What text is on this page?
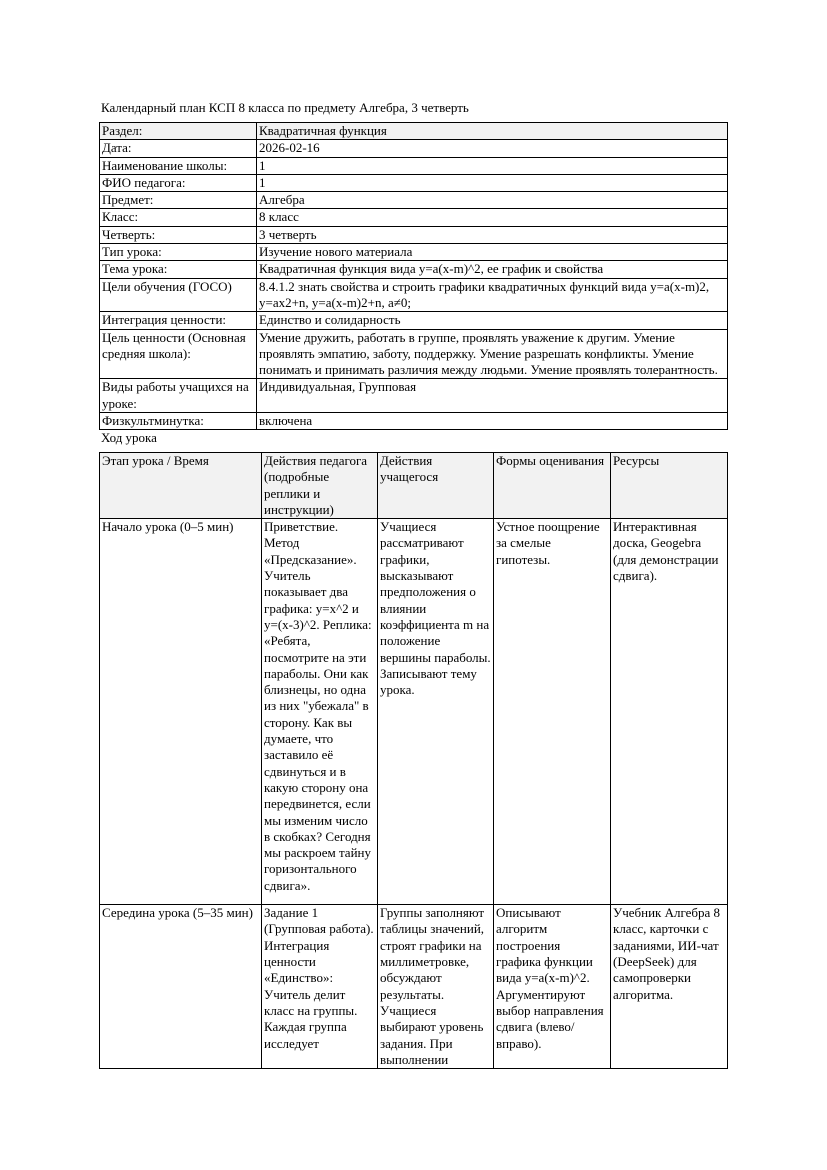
Календарный план КСП 8 класса по предмету Алгебра, 3 четверть
Раздел:	Квадратичная функция
Дата:	2026-02-16
Наименование школы:	1
ФИО педагога:	1
Предмет:	Алгебра
Класс:	8 класс
Четверть:	3 четверть
Тип урока:	Изучение нового материала
Тема урока:	Квадратичная функция вида y=a(x-m)^2, ее график и свойства
Цели обучения (ГОСО)	8.4.1.2 знать свойства и строить графики квадратичных функций вида y=a(x-m)2, y=ax2+n, y=a(x-m)2+n, a≠0;
Интеграция ценности:	Единство и солидарность
Цель ценности (Основная средняя школа):	Умение дружить, работать в группе, проявлять уважение к другим. Умение проявлять эмпатию, заботу, поддержку. Умение разрешать конфликты. Умение понимать и принимать различия между людьми. Умение проявлять толерантность.
Виды работы учащихся на уроке:	Индивидуальная, Групповая
Физкультминутка:	включена
Ход урока
Этап урока / Время	Действия педагога (подробные реплики и инструкции)	Действия учащегося	Формы оценивания	Ресурсы
Начало урока (0–5 мин)	Приветствие. Метод «Предсказание». Учитель показывает два графика: y=x^2 и y=(x-3)^2. Реплика: «Ребята, посмотрите на эти параболы. Они как близнецы, но одна из них "убежала" в сторону. Как вы думаете, что заставило её сдвинуться и в какую сторону она передвинется, если мы изменим число в скобках? Сегодня мы раскроем тайну горизонтального сдвига».	Учащиеся рассматривают графики, высказывают предположения о влиянии коэффициента m на положение вершины параболы. Записывают тему урока.	Устное поощрение за смелые гипотезы.	Интерактивная доска, Geogebra (для демонстрации сдвига).
Середина урока (5–35 мин)	Задание 1 (Групповая работа). Интеграция ценности «Единство»: Учитель делит класс на группы. Каждая группа исследует	Группы заполняют таблицы значений, строят графики на миллиметровке, обсуждают результаты. Учащиеся выбирают уровень задания. При выполнении	Описывают алгоритм построения графика функции вида y=a(x-m)^2. Аргументируют выбор направления сдвига (влево/вправо).	Учебник Алгебра 8 класс, карточки с заданиями, ИИ-чат (DeepSeek) для самопроверки алгоритма.
